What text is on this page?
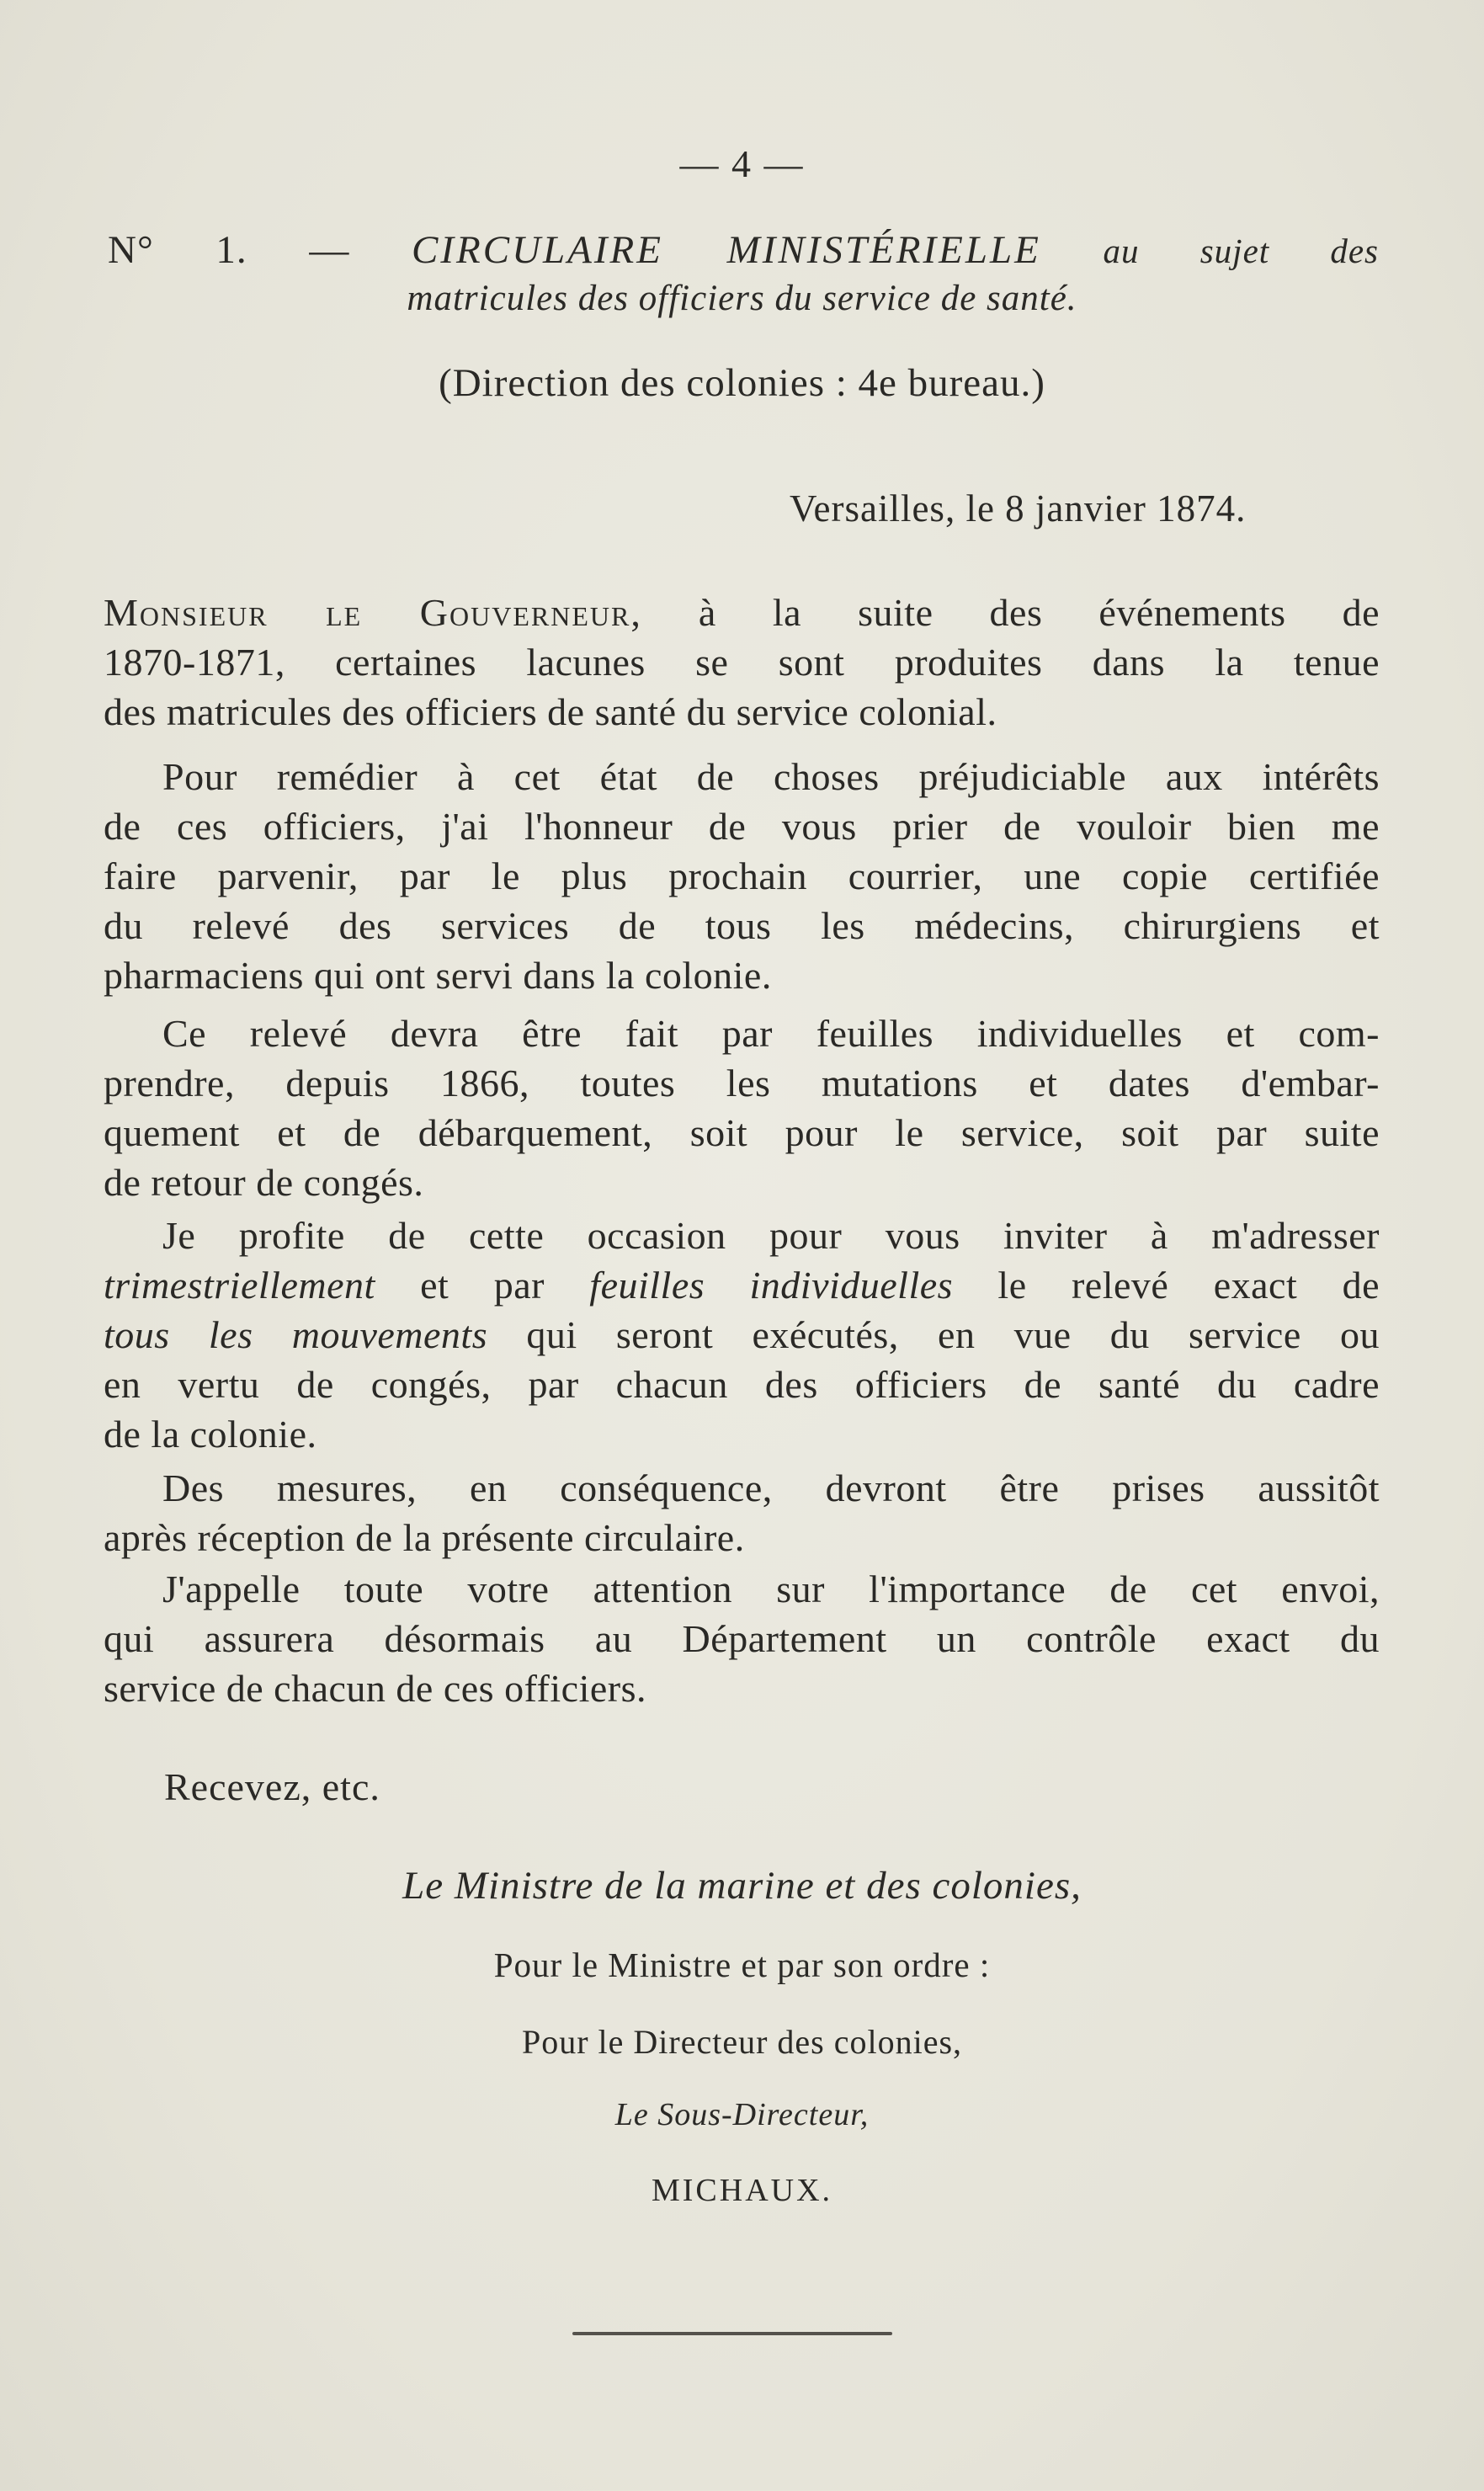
— 4 —
N° 1. — CIRCULAIRE MINISTÉRIELLE au sujet des
matricules des officiers du service de santé.
(Direction des colonies : 4e bureau.)
Versailles, le 8 janvier 1874.
Monsieur le Gouverneur, à la suite des événements de
1870-1871, certaines lacunes se sont produites dans la tenue
des matricules des officiers de santé du service colonial.
Pour remédier à cet état de choses préjudiciable aux intérêts
de ces officiers, j'ai l'honneur de vous prier de vouloir bien me
faire parvenir, par le plus prochain courrier, une copie certifiée
du relevé des services de tous les médecins, chirurgiens et
pharmaciens qui ont servi dans la colonie.
Ce relevé devra être fait par feuilles individuelles et com-
prendre, depuis 1866, toutes les mutations et dates d'embar-
quement et de débarquement, soit pour le service, soit par suite
de retour de congés.
Je profite de cette occasion pour vous inviter à m'adresser
trimestriellement et par feuilles individuelles le relevé exact de
tous les mouvements qui seront exécutés, en vue du service ou
en vertu de congés, par chacun des officiers de santé du cadre
de la colonie.
Des mesures, en conséquence, devront être prises aussitôt
après réception de la présente circulaire.
J'appelle toute votre attention sur l'importance de cet envoi,
qui assurera désormais au Département un contrôle exact du
service de chacun de ces officiers.
Recevez, etc.
Le Ministre de la marine et des colonies,
Pour le Ministre et par son ordre :
Pour le Directeur des colonies,
Le Sous-Directeur,
MICHAUX.
